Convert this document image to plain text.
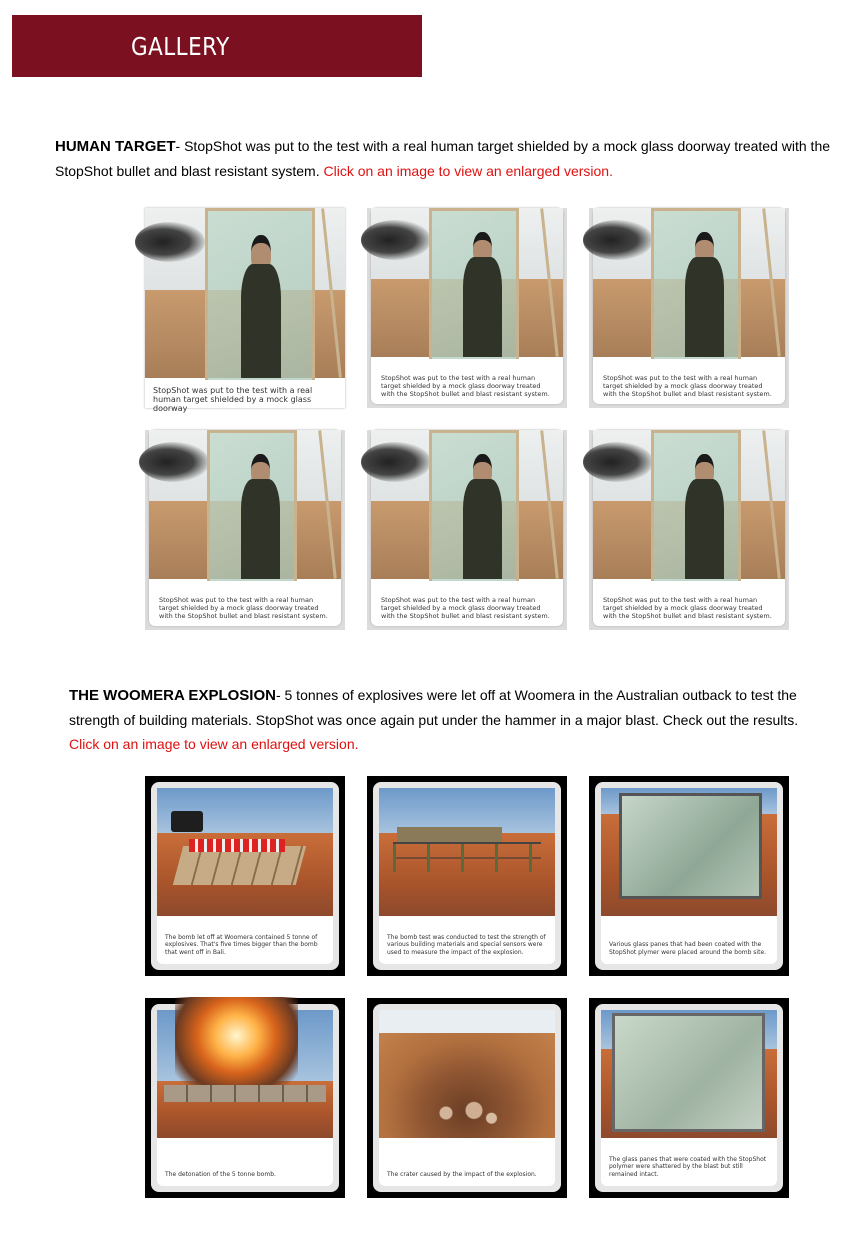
GALLERY
HUMAN TARGET- StopShot was put to the test with a real human target shielded by a mock glass doorway treated with the StopShot bullet and blast resistant system. Click on an image to view an enlarged version.
StopShot was put to the test with a real human target shielded by a mock glass doorway
StopShot was put to the test with a real human target shielded by a mock glass doorway treated with the StopShot bullet and blast resistant system.
StopShot was put to the test with a real human target shielded by a mock glass doorway treated with the StopShot bullet and blast resistant system.
StopShot was put to the test with a real human target shielded by a mock glass doorway treated with the StopShot bullet and blast resistant system.
StopShot was put to the test with a real human target shielded by a mock glass doorway treated with the StopShot bullet and blast resistant system.
StopShot was put to the test with a real human target shielded by a mock glass doorway treated with the StopShot bullet and blast resistant system.
THE WOOMERA EXPLOSION- 5 tonnes of explosives were let off at Woomera in the Australian outback to test the strength of building materials. StopShot was once again put under the hammer in a major blast. Check out the results.
Click on an image to view an enlarged version.
The bomb let off at Woomera contained 5 tonne of explosives. That's five times bigger than the bomb that went off in Bali.
The bomb test was conducted to test the strength of various building materials and special sensors were used to measure the impact of the explosion.
Various glass panes that had been coated with the StopShot plymer were placed around the bomb site.
The detonation of the 5 tonne bomb.	The crater caused by the impact of the explosion.
The glass panes that were coated with the StopShot polymer were shattered by the blast but still remained intact.
